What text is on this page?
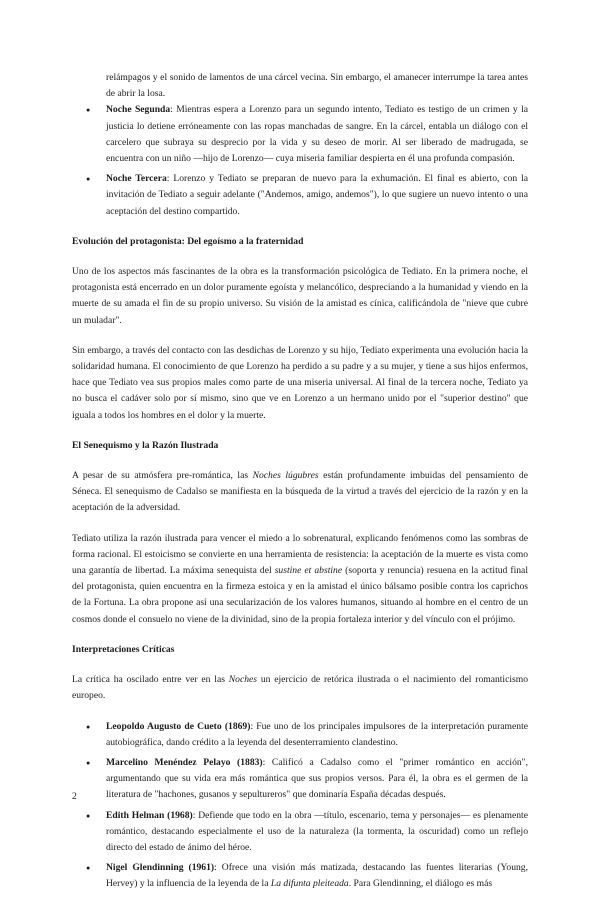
relámpagos y el sonido de lamentos de una cárcel vecina. Sin embargo, el amanecer interrumpe la tarea antes de abrir la losa.

● Noche Segunda: Mientras espera a Lorenzo para un segundo intento, Tediato es testigo de un crimen y la justicia lo detiene erróneamente con las ropas manchadas de sangre. En la cárcel, entabla un diálogo con el carcelero que subraya su desprecio por la vida y su deseo de morir. Al ser liberado de madrugada, se encuentra con un niño —hijo de Lorenzo— cuya miseria familiar despierta en él una profunda compasión.
● Noche Tercera: Lorenzo y Tediato se preparan de nuevo para la exhumación. El final es abierto, con la invitación de Tediato a seguir adelante ("Andemos, amigo, andemos"), lo que sugiere un nuevo intento o una aceptación del destino compartido.
Evolución del protagonista: Del egoísmo a la fraternidad

Uno de los aspectos más fascinantes de la obra es la transformación psicológica de Tediato. En la primera noche, el protagonista está encerrado en un dolor puramente egoísta y melancólico, despreciando a la humanidad y viendo en la muerte de su amada el fin de su propio universo. Su visión de la amistad es cínica, calificándola de "nieve que cubre un muladar".

Sin embargo, a través del contacto con las desdichas de Lorenzo y su hijo, Tediato experimenta una evolución hacia la solidaridad humana. El conocimiento de que Lorenzo ha perdido a su padre y a su mujer, y tiene a sus hijos enfermos, hace que Tediato vea sus propios males como parte de una miseria universal. Al final de la tercera noche, Tediato ya no busca el cadáver solo por sí mismo, sino que ve en Lorenzo a un hermano unido por el "superior destino" que iguala a todos los hombres en el dolor y la muerte.

El Senequismo y la Razón Ilustrada

A pesar de su atmósfera pre-romántica, las Noches lúgubres están profundamente imbuidas del pensamiento de Séneca. El senequismo de Cadalso se manifiesta en la búsqueda de la virtud a través del ejercicio de la razón y en la aceptación de la adversidad.

Tediato utiliza la razón ilustrada para vencer el miedo a lo sobrenatural, explicando fenómenos como las sombras de forma racional. El estoicismo se convierte en una herramienta de resistencia: la aceptación de la muerte es vista como una garantía de libertad. La máxima senequista del sustine et abstine (soporta y renuncia) resuena en la actitud final del protagonista, quien encuentra en la firmeza estoica y en la amistad el único bálsamo posible contra los caprichos de la Fortuna. La obra propone así una secularización de los valores humanos, situando al hombre en el centro de un cosmos donde el consuelo no viene de la divinidad, sino de la propia fortaleza interior y del vínculo con el prójimo.

Interpretaciones Críticas

La crítica ha oscilado entre ver en las Noches un ejercicio de retórica ilustrada o el nacimiento del romanticismo europeo.

● Leopoldo Augusto de Cueto (1869): Fue uno de los principales impulsores de la interpretación puramente autobiográfica, dando crédito a la leyenda del desenterramiento clandestino.
● Marcelino Menéndez Pelayo (1883): Calificó a Cadalso como el "primer romántico en acción", argumentando que su vida era más romántica que sus propios versos. Para él, la obra es el germen de la literatura de "hachones, gusanos y sepultureros" que dominaría España décadas después.
● Edith Helman (1968): Defiende que todo en la obra —título, escenario, tema y personajes— es plenamente romántico, destacando especialmente el uso de la naturaleza (la tormenta, la oscuridad) como un reflejo directo del estado de ánimo del héroe.
● Nigel Glendinning (1961): Ofrece una visión más matizada, destacando las fuentes literarias (Young, Hervey) y la influencia de la leyenda de la La difunta pleiteada. Para Glendinning, el diálogo es más
2
